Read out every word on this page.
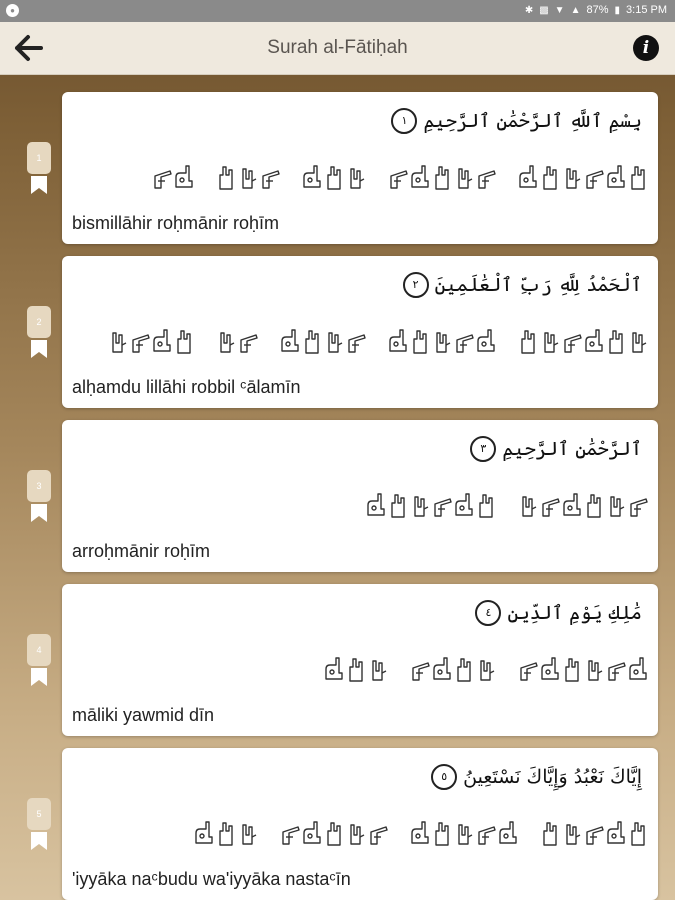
●	✱ ▩ ▼ ▲ 87% ▮ 3:15 PM
Surah al-Fātiḥah	i
1
بِسْمِ ٱللَّهِ ٱلرَّحْمَٰنِ ٱلرَّحِيمِ
١
bismillāhir roḥmānir roḥīm
2
ٱلْحَمْدُ لِلَّهِ رَبِّ ٱلْعَٰلَمِينَ
٢
alḥamdu lillāhi robbil ᶜālamīn
3
ٱلرَّحْمَٰنِ ٱلرَّحِيمِ
٣
arroḥmānir roḥīm
4
مَٰلِكِ يَوْمِ ٱلدِّينِ
٤
māliki yawmid dīn
5
إِيَّاكَ نَعْبُدُ وَإِيَّاكَ نَسْتَعِينُ
٥
'iyyāka naᶜbudu wa'iyyāka nastaᶜīn
